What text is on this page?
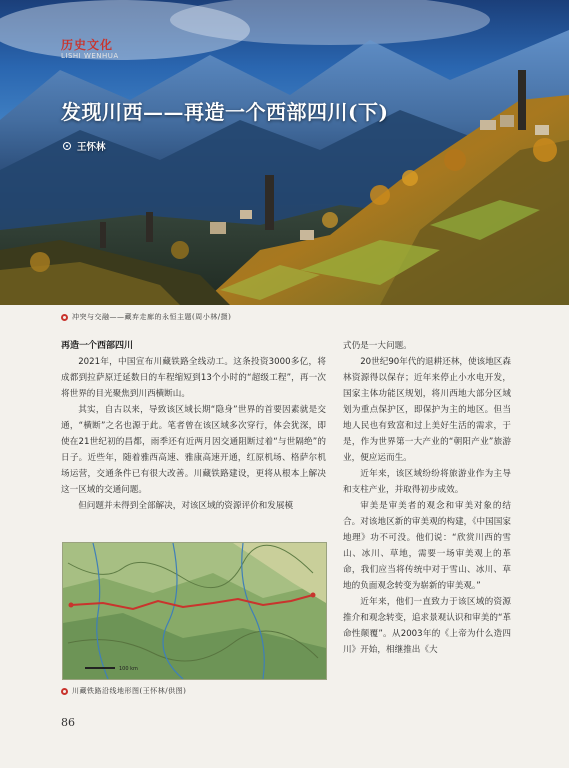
历史文化
LISHI WENHUA
发现川西——再造一个西部四川(下)
王怀林
冲突与交融——藏弃走廊的永恒主题(周小林/摄)
再造一个西部四川

2021年，中国宣布川藏铁路全线动工。这条投资3000多亿，将成都到拉萨原迁延数日的车程缩短到13个小时的“超级工程”，再一次将世界的目光聚焦到川西横断山。

其实，自古以来，导致该区域长期“隐身”世界的首要因素就是交通，“横断”之名也源于此。笔者曾在该区域多次穿行，体会犹深，即使在21世纪初的昌都，雨季还有近两月因交通阻断过着“与世隔绝”的日子。近些年，随着雅西高速、雅康高速开通，红原机场、格萨尔机场运营，交通条件已有很大改善。川藏铁路建设，更将从根本上解决这一区域的交通问题。

但问题并未得到全部解决，对该区域的资源评价和发展模

100 km
川藏铁路沿线地形图(王怀林/供图)

式仍是一大问题。

20世纪90年代的退耕还林，使该地区森林资源得以保存；近年来停止小水电开发，国家主体功能区规划，将川西地大部分区域划为重点保护区，即保护为主的地区。但当地人民也有致富和过上美好生活的需求，于是，作为世界第一大产业的“朝阳产业”旅游业，便应运而生。

近年来，该区域纷纷将旅游业作为主导和支柱产业，并取得初步成效。

审美是审美者的观念和审美对象的结合。对该地区新的审美观的构建，《中国国家地理》功不可没。他们说：“欣赏川西的雪山、冰川、草地，需要一场审美观上的革命，我们应当将传统中对于雪山、冰川、草地的负面观念转变为崭新的审美观。”

近年来，他们一直致力于该区域的资源推介和观念转变，追求景观认识和审美的“革命性颠覆”。从2003年的《上帝为什么造四川》开始，相继推出《大

86
